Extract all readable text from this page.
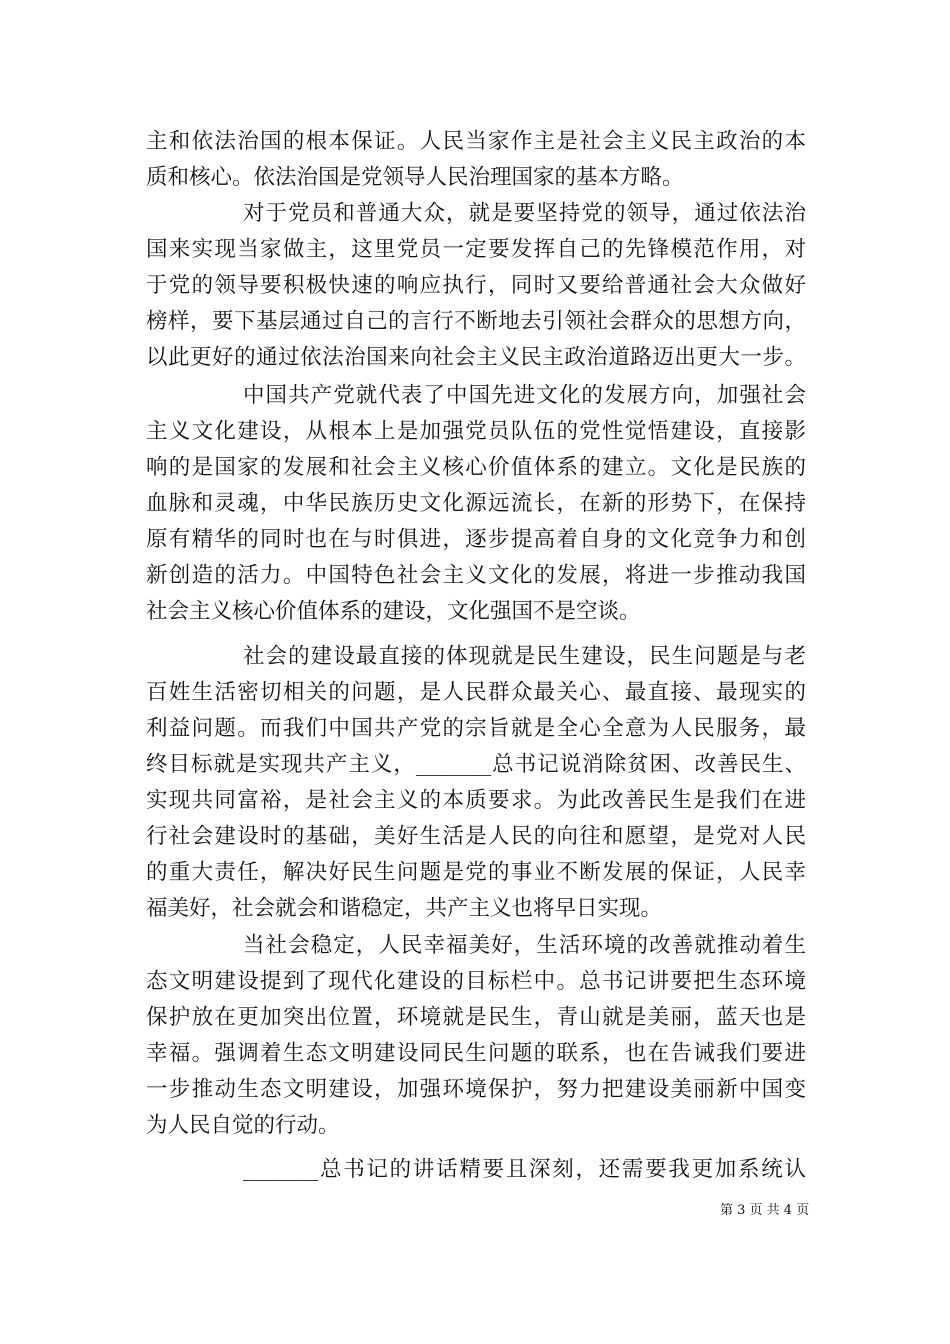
主和依法治国的根本保证。人民当家作主是社会主义民主政治的本
质和核心。依法治国是党领导人民治理国家的基本方略。
对于党员和普通大众，就是要坚持党的领导，通过依法治
国来实现当家做主，这里党员一定要发挥自己的先锋模范作用，对
于党的领导要积极快速的响应执行，同时又要给普通社会大众做好
榜样，要下基层通过自己的言行不断地去引领社会群众的思想方向，
以此更好的通过依法治国来向社会主义民主政治道路迈出更大一步。
中国共产党就代表了中国先进文化的发展方向，加强社会
主义文化建设，从根本上是加强党员队伍的党性觉悟建设，直接影
响的是国家的发展和社会主义核心价值体系的建立。文化是民族的
血脉和灵魂，中华民族历史文化源远流长，在新的形势下，在保持
原有精华的同时也在与时俱进，逐步提高着自身的文化竞争力和创
新创造的活力。中国特色社会主义文化的发展，将进一步推动我国
社会主义核心价值体系的建设，文化强国不是空谈。
社会的建设最直接的体现就是民生建设，民生问题是与老
百姓生活密切相关的问题，是人民群众最关心、最直接、最现实的
利益问题。而我们中国共产党的宗旨就是全心全意为人民服务，最
终目标就是实现共产主义，_______总书记说消除贫困、改善民生、
实现共同富裕，是社会主义的本质要求。为此改善民生是我们在进
行社会建设时的基础，美好生活是人民的向往和愿望，是党对人民
的重大责任，解决好民生问题是党的事业不断发展的保证，人民幸
福美好，社会就会和谐稳定，共产主义也将早日实现。
当社会稳定，人民幸福美好，生活环境的改善就推动着生
态文明建设提到了现代化建设的目标栏中。总书记讲要把生态环境
保护放在更加突出位置，环境就是民生，青山就是美丽，蓝天也是
幸福。强调着生态文明建设同民生问题的联系，也在告诫我们要进
一步推动生态文明建设，加强环境保护，努力把建设美丽新中国变
为人民自觉的行动。
_______总书记的讲话精要且深刻，还需要我更加系统认
第 3 页 共 4 页
